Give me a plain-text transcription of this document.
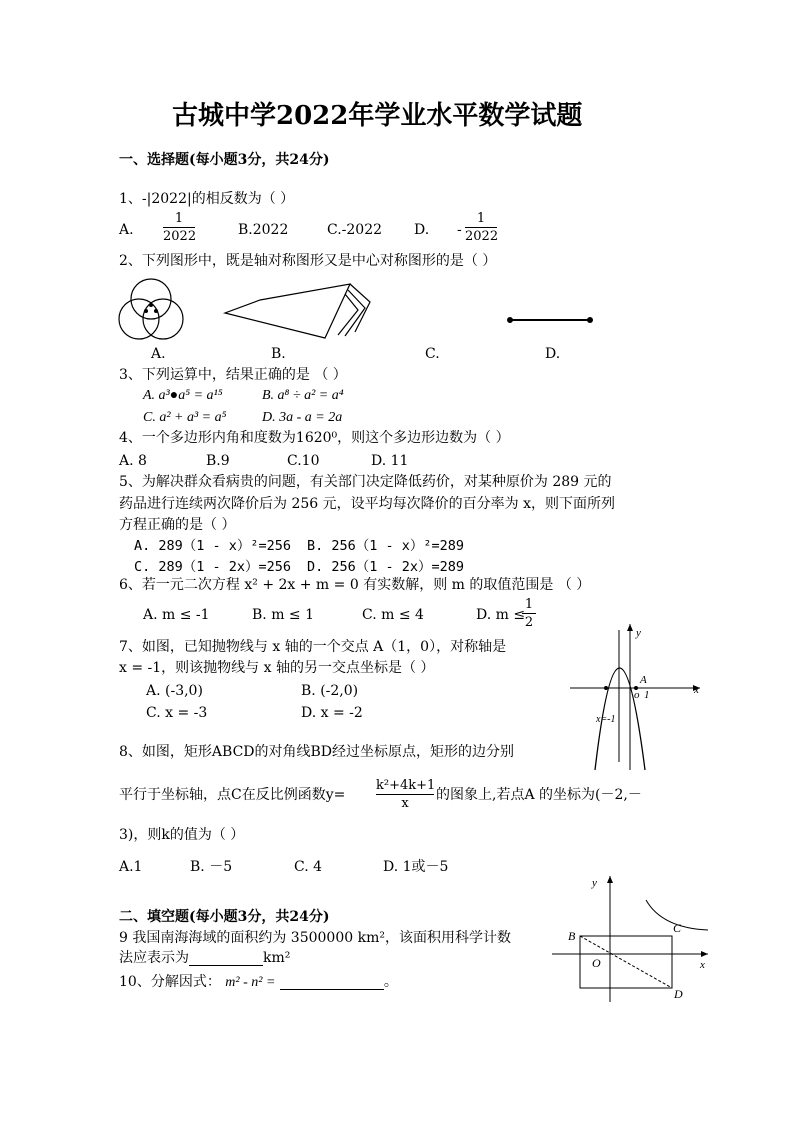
古城中学2022年学业水平数学试题
一、选择题(每小题3分，共24分)
1、-|2022|的相反数为（ ）
A.
1
2022	B.2022	C.-2022 D. -
1
2022
2、下列图形中，既是轴对称图形又是中心对称图形的是（ ）
A.	B.	C.	D.
3、下列运算中，结果正确的是 （ ）
A. a³●a⁵ = a¹⁵	B. a⁸ ÷ a² = a⁴
C. a² + a³ = a⁵	D. 3a - a = 2a
4、一个多边形内角和度数为1620⁰，则这个多边形边数为（ ）
A. 8	B.9	C.10	D. 11
5、为解决群众看病贵的问题，有关部门决定降低药价，对某种原价为 289 元的
药品进行连续两次降价后为 256 元，设平均每次降价的百分率为 x，则下面所列
方程正确的是（ ）
A. 289（1 - x）²=256 B. 256（1 - x）²=289
C. 289（1 - 2x）=256 D. 256（1 - 2x）=289
6、若一元二次方程 x² + 2x + m = 0 有实数解，则 m 的取值范围是 （ ）
A. m ≤ -1	B. m ≤ 1	C. m ≤ 4	D. m ≤
1
2
7、如图，已知抛物线与 x 轴的一个交点 A（1，0），对称轴是
x = -1，则该抛物线与 x 轴的另一交点坐标是（ ）
A. (-3,0)	B. (-2,0)
C. x = -3	D. x = -2
y
x
A
o 1
x=-1
8、如图，矩形ABCD的对角线BD经过坐标原点，矩形的边分别
平行于坐标轴，点C在反比例函数y=
k²+4k+1
x
的图象上,若点A 的坐标为(－2,－
3)，则k的值为（ ）
A.1	B. －5	C. 4	D. 1或－5
y
x
B
C
O
D
二、填空题(每小题3分，共24分)
9 我国南海海域的面积约为 3500000 km²，该面积用科学计数
法应表示为	km²
10、分解因式： m² - n² =	。
